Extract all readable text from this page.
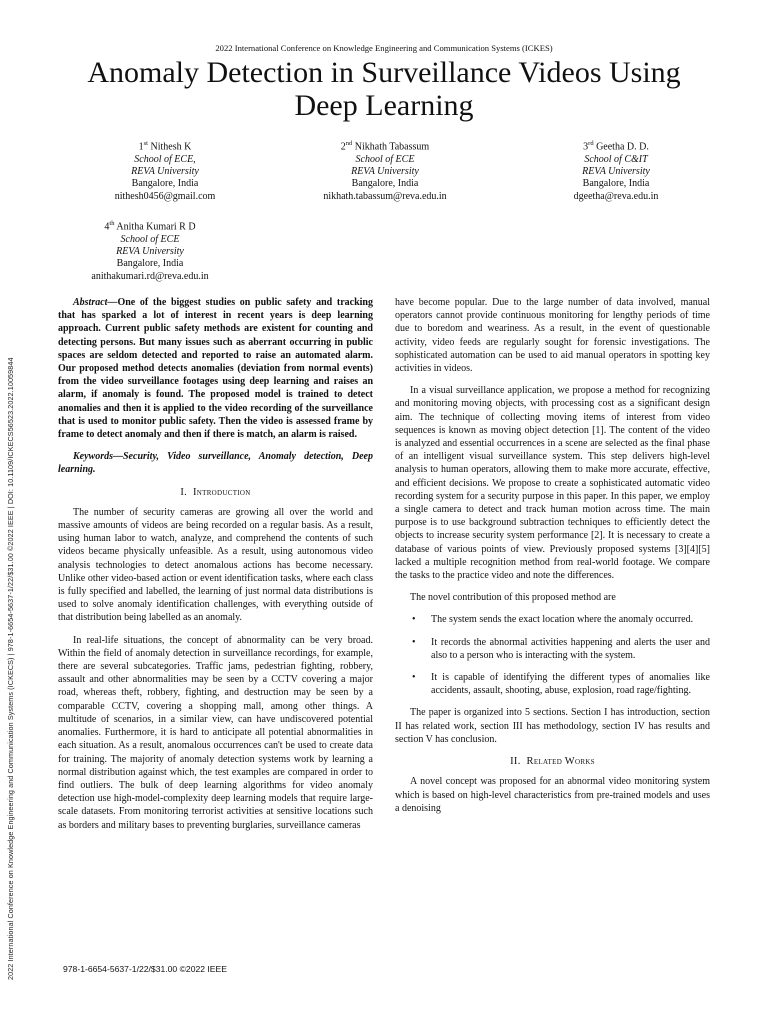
2022 International Conference on Knowledge Engineering and Communication Systems (ICKECS) | 978-1-6654-5637-1/22/$31.00 ©2022 IEEE | DOI: 10.1109/ICKECS56523.2022.10059844
2022 International Conference on Knowledge Engineering and Communication Systems (ICKES)
Anomaly Detection in Surveillance Videos Using Deep Learning
1st Nithesh K
School of ECE,
REVA University
Bangalore, India
nithesh0456@gmail.com
2nd Nikhath Tabassum
School of ECE
REVA University
Bangalore, India
nikhath.tabassum@reva.edu.in
3rd Geetha D. D.
School of C&IT
REVA University
Bangalore, India
dgeetha@reva.edu.in
4th Anitha Kumari R D
School of ECE
REVA University
Bangalore, India
anithakumari.rd@reva.edu.in

Abstract—One of the biggest studies on public safety and tracking that has sparked a lot of interest in recent years is deep learning approach. Current public safety methods are existent for counting and detecting persons. But many issues such as aberrant occurring in public spaces are seldom detected and reported to raise an automated alarm. Our proposed method detects anomalies (deviation from normal events) from the video surveillance footages using deep learning and raises an alarm, if anomaly is found. The proposed model is trained to detect anomalies and then it is applied to the video recording of the surveillance that is used to monitor public safety. Then the video is assessed frame by frame to detect anomaly and then if there is match, an alarm is raised.

Keywords—Security, Video surveillance, Anomaly detection, Deep learning.

I. Introduction

The number of security cameras are growing all over the world and massive amounts of videos are being recorded on a regular basis. As a result, using human labor to watch, analyze, and comprehend the contents of such videos became physically unfeasible. As a result, using autonomous video analysis technologies to detect anomalous actions has become necessary. Unlike other video-based action or event identification tasks, where each class is fully specified and labelled, the learning of just normal data distributions is used to solve anomaly identification challenges, with everything outside of that distribution being labelled as an anomaly.

In real-life situations, the concept of abnormality can be very broad. Within the field of anomaly detection in surveillance recordings, for example, there are several subcategories. Traffic jams, pedestrian fighting, robbery, assault and other abnormalities may be seen by a CCTV covering a major road, whereas theft, robbery, fighting, and destruction may be seen by a comparable CCTV, covering a shopping mall, among other things. A multitude of scenarios, in a similar view, can have undiscovered potential anomalies. Furthermore, it is hard to anticipate all potential abnormalities in each situation. As a result, anomalous occurrences can't be used to create data for training. The majority of anomaly detection systems work by learning a normal distribution against which, the test examples are compared in order to find outliers. The bulk of deep learning algorithms for video anomaly detection use high-model-complexity deep learning models that require large-scale datasets. From monitoring terrorist activities at sensitive locations such as borders and military bases to preventing burglaries, surveillance cameras

have become popular. Due to the large number of data involved, manual operators cannot provide continuous monitoring for lengthy periods of time due to boredom and weariness. As a result, in the event of questionable activity, video feeds are regularly sought for forensic investigations. The sophisticated automation can be used to aid manual operators in spotting key activities in videos.

In a visual surveillance application, we propose a method for recognizing and monitoring moving objects, with processing cost as a significant design aim. The technique of collecting moving items of interest from video sequences is known as moving object detection [1]. The content of the video is analyzed and essential occurrences in a scene are selected as the final phase of an intelligent visual surveillance system. This step delivers high-level analysis to human operators, allowing them to make more accurate, effective, and efficient decisions. We propose to create a sophisticated automatic video recording system for a security purpose in this paper. In this paper, we employ a single camera to detect and track human motion across time. The main purpose is to use background subtraction techniques to efficiently detect the objects to increase security system performance [2]. It is necessary to create a database of various points of view. Previously proposed systems [3][4][5] lacked a multiple recognition method from real-world footage. We compare the tasks to the practice video and note the differences.

The novel contribution of this proposed method are

• The system sends the exact location where the anomaly occurred.
• It records the abnormal activities happening and alerts the user and also to a person who is interacting with the system.
• It is capable of identifying the different types of anomalies like accidents, assault, shooting, abuse, explosion, road rage/fighting.

The paper is organized into 5 sections. Section I has introduction, section II has related work, section III has methodology, section IV has results and section V has conclusion.

II. Related Works

A novel concept was proposed for an abnormal video monitoring system which is based on high-level characteristics from pre-trained models and uses a denoising

978-1-6654-5637-1/22/$31.00 ©2022 IEEE
